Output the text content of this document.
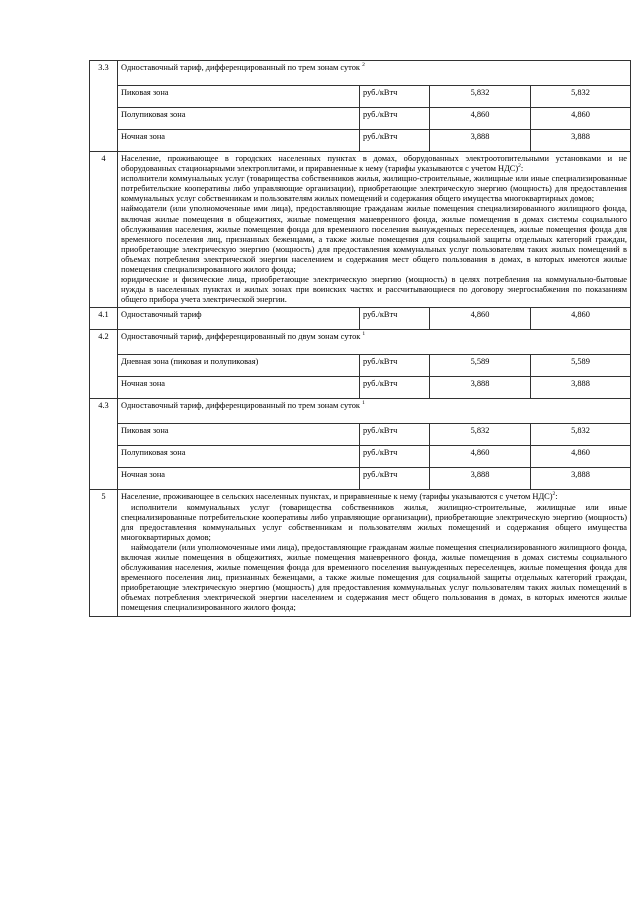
3.3	Одноставочный тариф, дифференцированный по трем зонам суток $^2$
	Пиковая зона	руб./кВтч	5,832	5,832
	Полупиковая зона	руб./кВтч	4,860	4,860
	Ночная зона	руб./кВтч	3,888	3,888
4	Население, проживающее в городских населенных пунктах в домах, оборудованных электроотопительными установками и не оборудованных стационарными электроплитами, и приравненные к нему (тарифы указываются с учетом НДС)$^2$:

исполнители коммунальных услуг (товарищества собственников жилья, жилищно-строительные, жилищные или иные специализированные потребительские кооперативы либо управляющие организации), приобретающие электрическую энергию (мощность) для предоставления коммунальных услуг собственникам и пользователям жилых помещений и содержания общего имущества многоквартирных домов;

наймодатели (или уполномоченные ими лица), предоставляющие гражданам жилые помещения специализированного жилищного фонда, включая жилые помещения в общежитиях, жилые помещения маневренного фонда, жилые помещения в домах системы социального обслуживания населения, жилые помещения фонда для временного поселения вынужденных переселенцев, жилые помещения фонда для временного поселения лиц, признанных беженцами, а также жилые помещения для социальной защиты отдельных категорий граждан, приобретающие электрическую энергию (мощность) для предоставления коммунальных услуг пользователям таких жилых помещений в объемах потребления электрической энергии населением и содержания мест общего пользования в домах, в которых имеются жилые помещения специализированного жилого фонда;

юридические и физические лица, приобретающие электрическую энергию (мощность) в целях потребления на коммунально-бытовые нужды в населенных пунктах и жилых зонах при воинских частях и рассчитывающиеся по договору энергоснабжения по показаниям общего прибора учета электрической энергии.			

4.1	Одноставочный тариф	руб./кВтч	4,860	4,860
4.2	Одноставочный тариф, дифференцированный по двум зонам суток $^1$
	Дневная зона (пиковая и полупиковая)	руб./кВтч	5,589	5,589
	Ночная зона	руб./кВтч	3,888	3,888
4.3	Одноставочный тариф, дифференцированный по трем зонам суток $^1$
	Пиковая зона	руб./кВтч	5,832	5,832
	Полупиковая зона	руб./кВтч	4,860	4,860
	Ночная зона	руб./кВтч	3,888	3,888
5	Население, проживающее в сельских населенных пунктах, и приравненные к нему (тарифы указываются с учетом НДС)$^2$:

исполнители коммунальных услуг (товарищества собственников жилья, жилищно-строительные, жилищные или иные специализированные потребительские кооперативы либо управляющие организации), приобретающие электрическую энергию (мощность) для предоставления коммунальных услуг собственникам и пользователям жилых помещений и содержания общего имущества многоквартирных домов;

наймодатели (или уполномоченные ими лица), предоставляющие гражданам жилые помещения специализированного жилищного фонда, включая жилые помещения в общежитиях, жилые помещения маневренного фонда, жилые помещения в домах системы социального обслуживания населения, жилые помещения фонда для временного поселения вынужденных переселенцев, жилые помещения фонда для временного поселения лиц, признанных беженцами, а также жилые помещения для социальной защиты отдельных категорий граждан, приобретающие электрическую энергию (мощность) для предоставления коммунальных услуг пользователям таких жилых помещений в объемах потребления электрической энергии населением и содержания мест общего пользования в домах, в которых имеются жилые помещения специализированного жилого фонда;			
